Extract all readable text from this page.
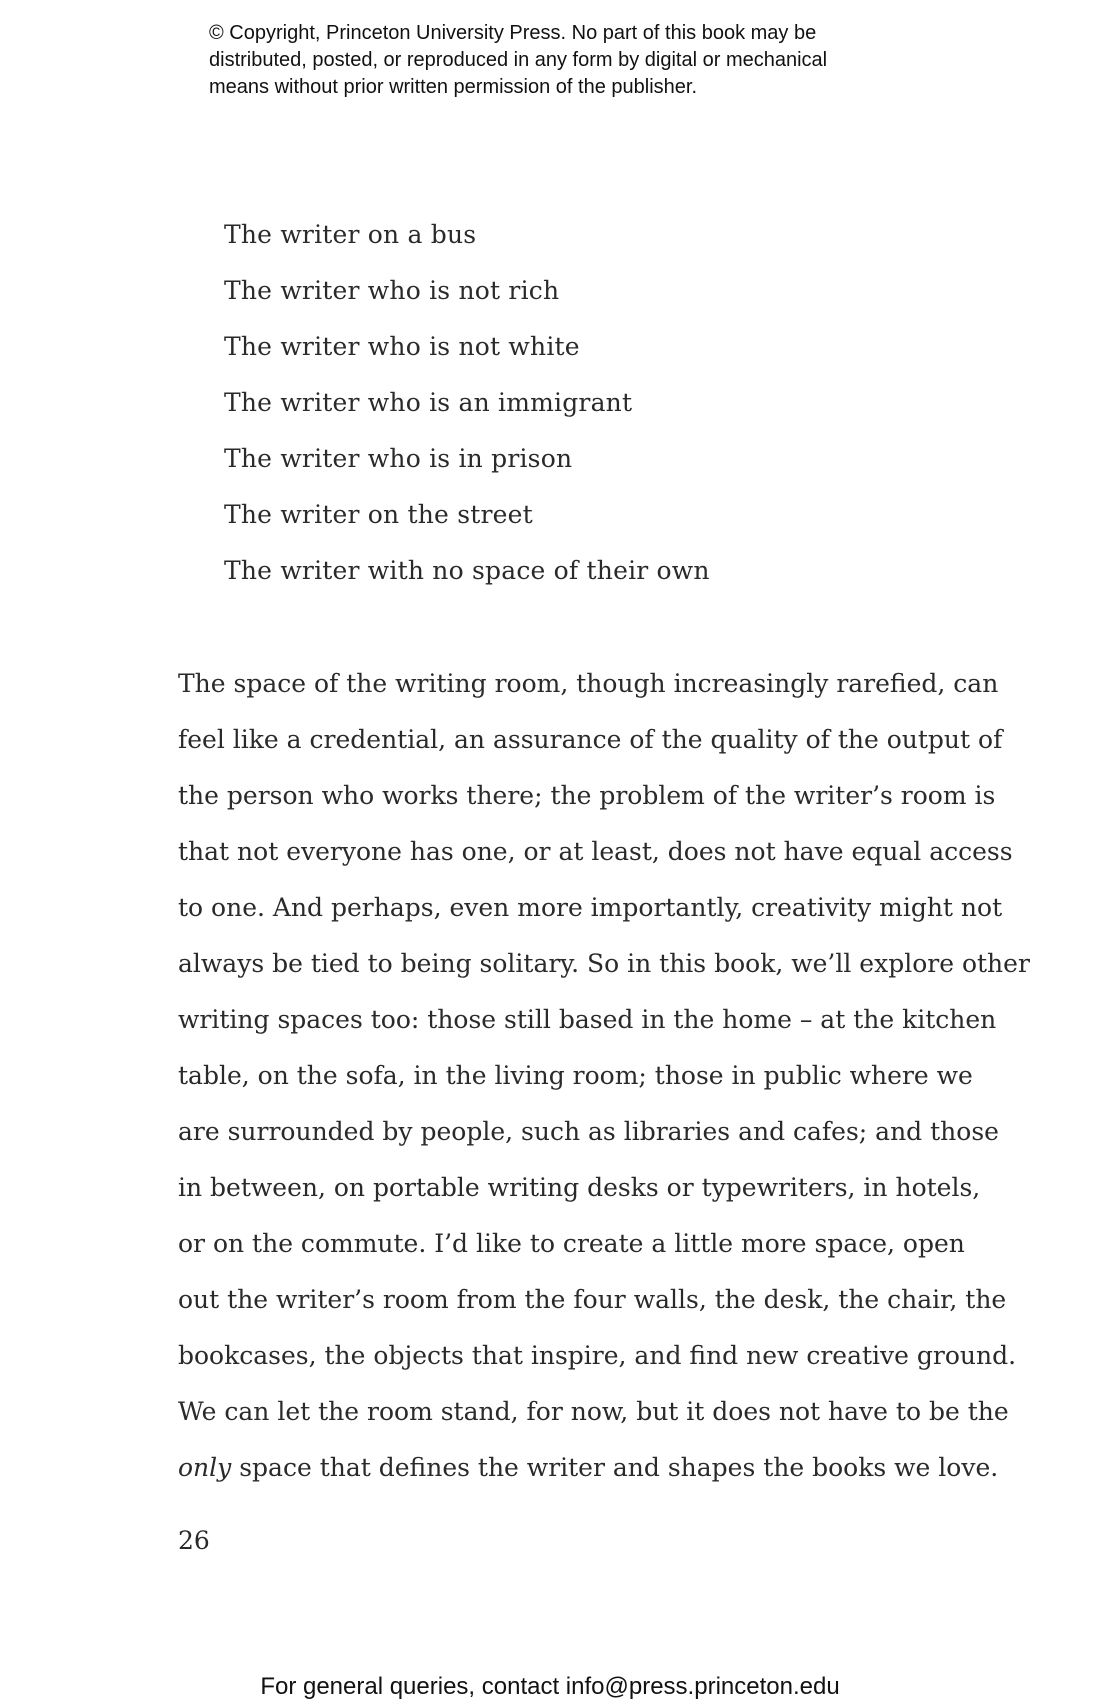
© Copyright, Princeton University Press. No part of this book may be
distributed, posted, or reproduced in any form by digital or mechanical
means without prior written permission of the publisher.
The writer on a bus
The writer who is not rich
The writer who is not white
The writer who is an immigrant
The writer who is in prison
The writer on the street
The writer with no space of their own
The space of the writing room, though increasingly rarefied, can
feel like a credential, an assurance of the quality of the output of
the person who works there; the problem of the writer’s room is
that not everyone has one, or at least, does not have equal access
to one. And perhaps, even more importantly, creativity might not
always be tied to being solitary. So in this book, we’ll explore other
writing spaces too: those still based in the home – at the kitchen
table, on the sofa, in the living room; those in public where we
are surrounded by people, such as libraries and cafes; and those
in between, on portable writing desks or typewriters, in hotels,
or on the commute. I’d like to create a little more space, open
out the writer’s room from the four walls, the desk, the chair, the
bookcases, the objects that inspire, and find new creative ground.
We can let the room stand, for now, but it does not have to be the
only space that defines the writer and shapes the books we love.
26
For general queries, contact info@press.princeton.edu
